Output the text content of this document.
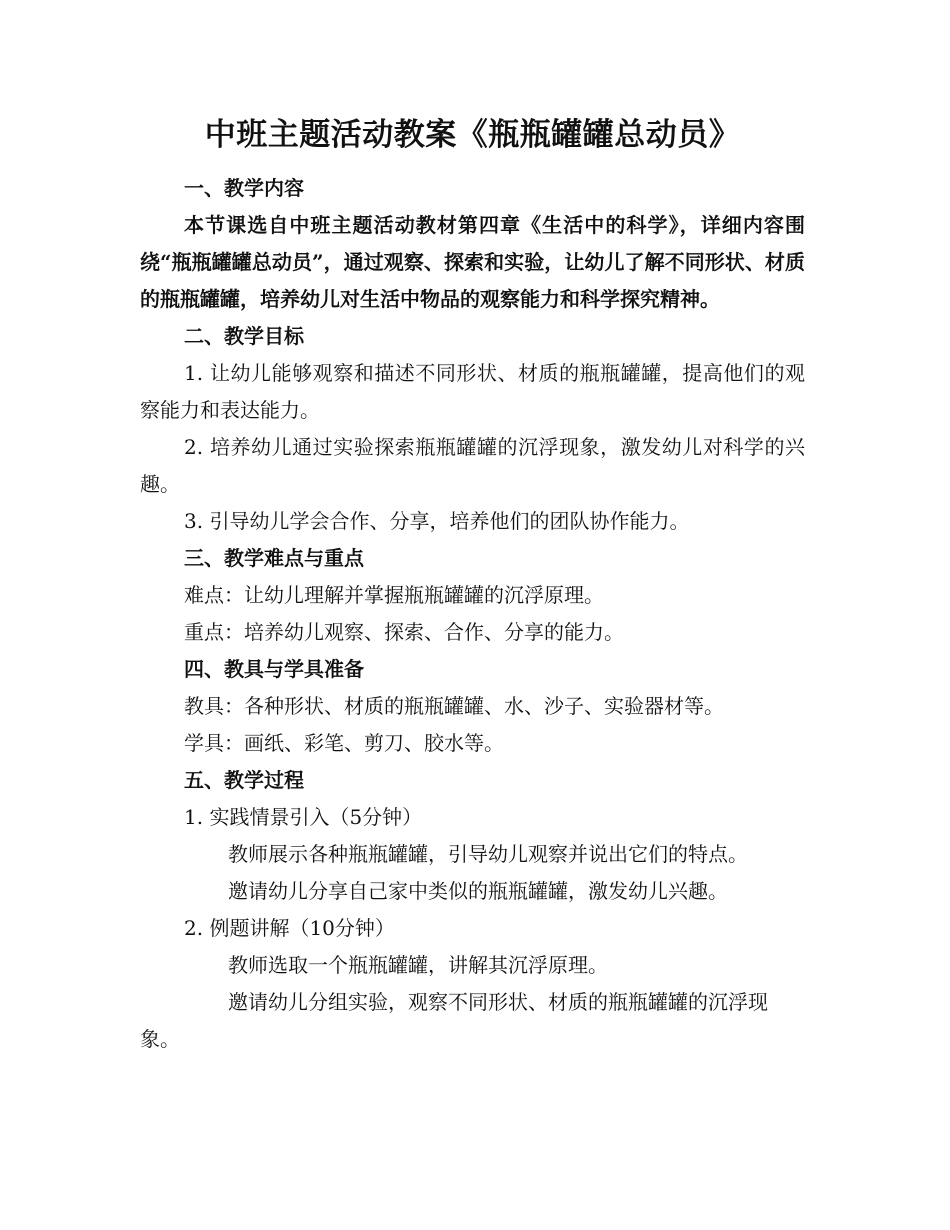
中班主题活动教案《瓶瓶罐罐总动员》
一、教学内容

本节课选自中班主题活动教材第四章《生活中的科学》，详细内容围绕“瓶瓶罐罐总动员”，通过观察、探索和实验，让幼儿了解不同形状、材质的瓶瓶罐罐，培养幼儿对生活中物品的观察能力和科学探究精神。

二、教学目标

1. 让幼儿能够观察和描述不同形状、材质的瓶瓶罐罐，提高他们的观察能力和表达能力。

2. 培养幼儿通过实验探索瓶瓶罐罐的沉浮现象，激发幼儿对科学的兴趣。

3. 引导幼儿学会合作、分享，培养他们的团队协作能力。

三、教学难点与重点
难点：让幼儿理解并掌握瓶瓶罐罐的沉浮原理。
重点：培养幼儿观察、探索、合作、分享的能力。
四、教具与学具准备
教具：各种形状、材质的瓶瓶罐罐、水、沙子、实验器材等。
学具：画纸、彩笔、剪刀、胶水等。
五、教学过程
1. 实践情景引入（5分钟）
教师展示各种瓶瓶罐罐，引导幼儿观察并说出它们的特点。
邀请幼儿分享自己家中类似的瓶瓶罐罐，激发幼儿兴趣。
2. 例题讲解（10分钟）
教师选取一个瓶瓶罐罐，讲解其沉浮原理。

邀请幼儿分组实验，观察不同形状、材质的瓶瓶罐罐的沉浮现象。
